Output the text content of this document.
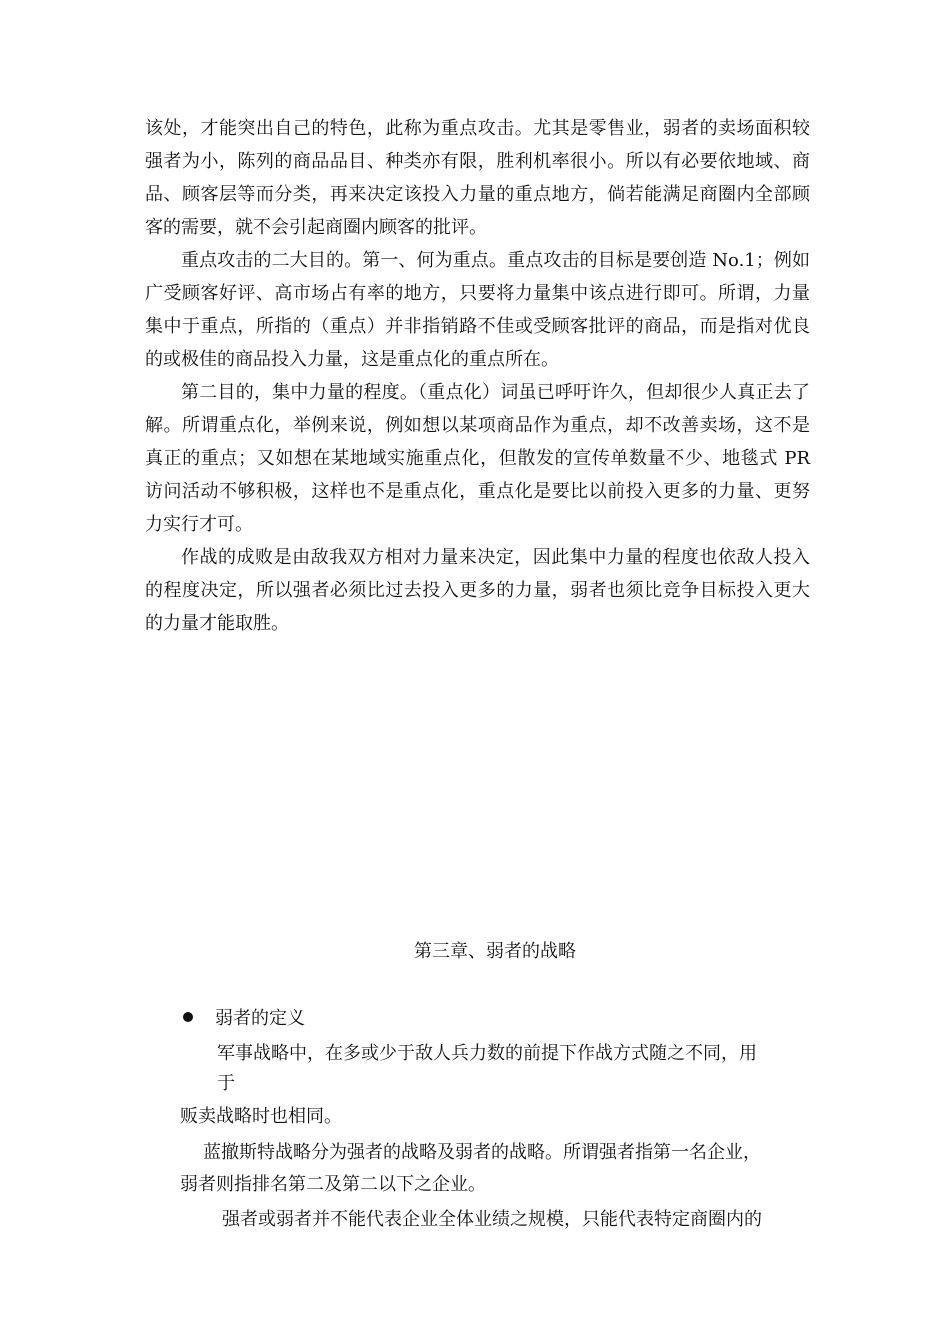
该处，才能突出自己的特色，此称为重点攻击。尤其是零售业，弱者的卖场面积较强者为小，陈列的商品品目、种类亦有限，胜利机率很小。所以有必要依地域、商品、顾客层等而分类，再来决定该投入力量的重点地方，倘若能满足商圈内全部顾客的需要，就不会引起商圈内顾客的批评。

重点攻击的二大目的。第一、何为重点。重点攻击的目标是要创造 No.1；例如广受顾客好评、高市场占有率的地方，只要将力量集中该点进行即可。所谓，力量集中于重点，所指的（重点）并非指销路不佳或受顾客批评的商品，而是指对优良的或极佳的商品投入力量，这是重点化的重点所在。

第二目的，集中力量的程度。（重点化）词虽已呼吁许久，但却很少人真正去了解。所谓重点化，举例来说，例如想以某项商品作为重点，却不改善卖场，这不是真正的重点；又如想在某地域实施重点化，但散发的宣传单数量不少、地毯式 PR 访问活动不够积极，这样也不是重点化，重点化是要比以前投入更多的力量、更努力实行才可。

作战的成败是由敌我双方相对力量来决定，因此集中力量的程度也依敌人投入的程度决定，所以强者必须比过去投入更多的力量，弱者也须比竞争目标投入更大的力量才能取胜。

第三章、弱者的战略

弱者的定义

军事战略中，在多或少于敌人兵力数的前提下作战方式随之不同，用

于

贩卖战略时也相同。

蓝撤斯特战略分为强者的战略及弱者的战略。所谓强者指第一名企业，

弱者则指排名第二及第二以下之企业。

强者或弱者并不能代表企业全体业绩之规模，只能代表特定商圈内的
